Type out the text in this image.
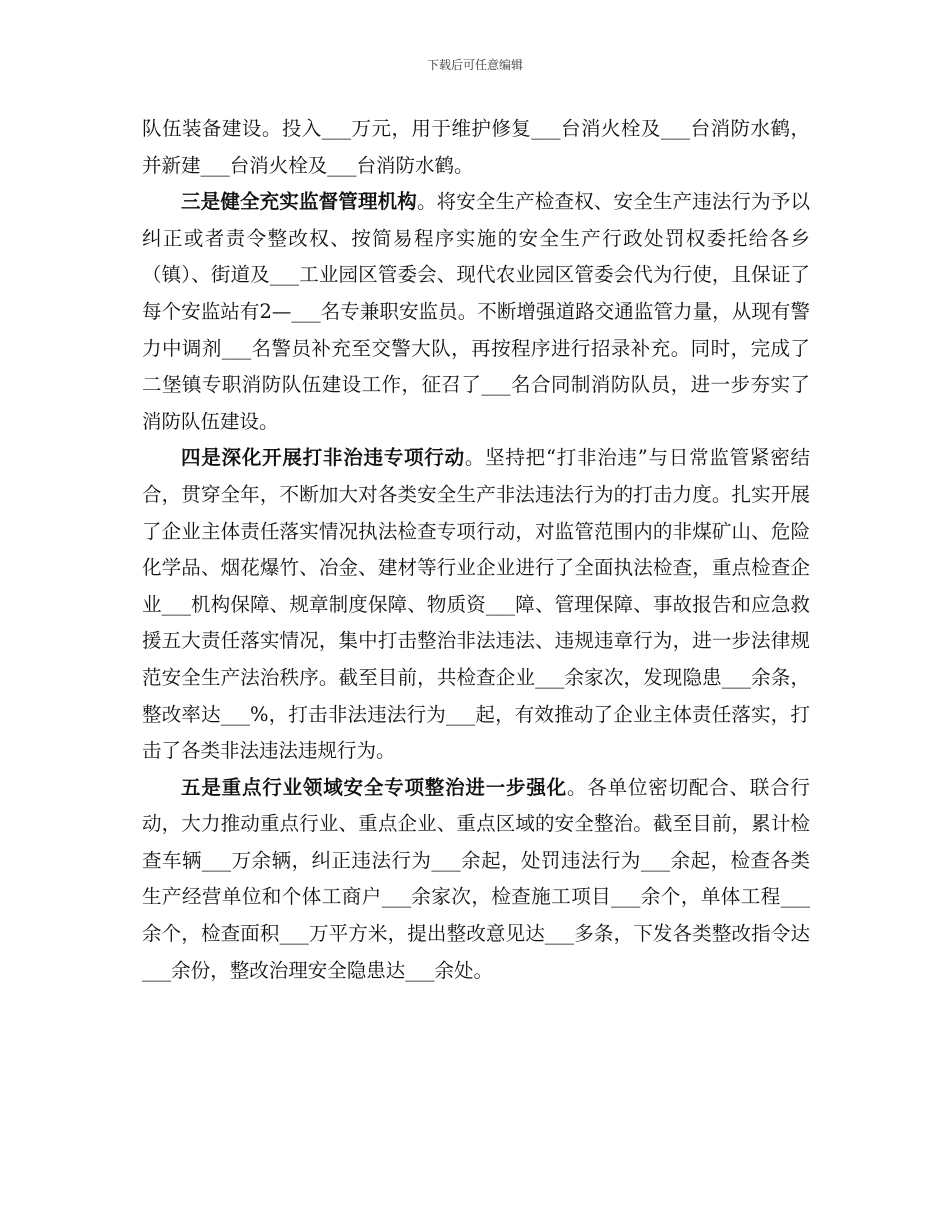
下载后可任意编辑

队伍装备建设。投入___万元，用于维护修复___台消火栓及___台消防水鹤，并新建___台消火栓及___台消防水鹤。

三是健全充实监督管理机构。将安全生产检查权、安全生产违法行为予以纠正或者责令整改权、按简易程序实施的安全生产行政处罚权委托给各乡（镇）、街道及___工业园区管委会、现代农业园区管委会代为行使，且保证了每个安监站有2—___名专兼职安监员。不断增强道路交通监管力量，从现有警力中调剂___名警员补充至交警大队，再按程序进行招录补充。同时，完成了二堡镇专职消防队伍建设工作，征召了___名合同制消防队员，进一步夯实了消防队伍建设。

四是深化开展打非治违专项行动。坚持把“打非治违”与日常监管紧密结合，贯穿全年，不断加大对各类安全生产非法违法行为的打击力度。扎实开展了企业主体责任落实情况执法检查专项行动，对监管范围内的非煤矿山、危险化学品、烟花爆竹、冶金、建材等行业企业进行了全面执法检查，重点检查企业___机构保障、规章制度保障、物质资___障、管理保障、事故报告和应急救援五大责任落实情况，集中打击整治非法违法、违规违章行为，进一步法律规范安全生产法治秩序。截至目前，共检查企业___余家次，发现隐患___余条，整改率达___%，打击非法违法行为___起，有效推动了企业主体责任落实，打击了各类非法违法违规行为。

五是重点行业领域安全专项整治进一步强化。各单位密切配合、联合行动，大力推动重点行业、重点企业、重点区域的安全整治。截至目前，累计检查车辆___万余辆，纠正违法行为___余起，处罚违法行为___余起，检查各类生产经营单位和个体工商户___余家次，检查施工项目___余个，单体工程___余个，检查面积___万平方米，提出整改意见达___多条，下发各类整改指令达___余份，整改治理安全隐患达___余处。
